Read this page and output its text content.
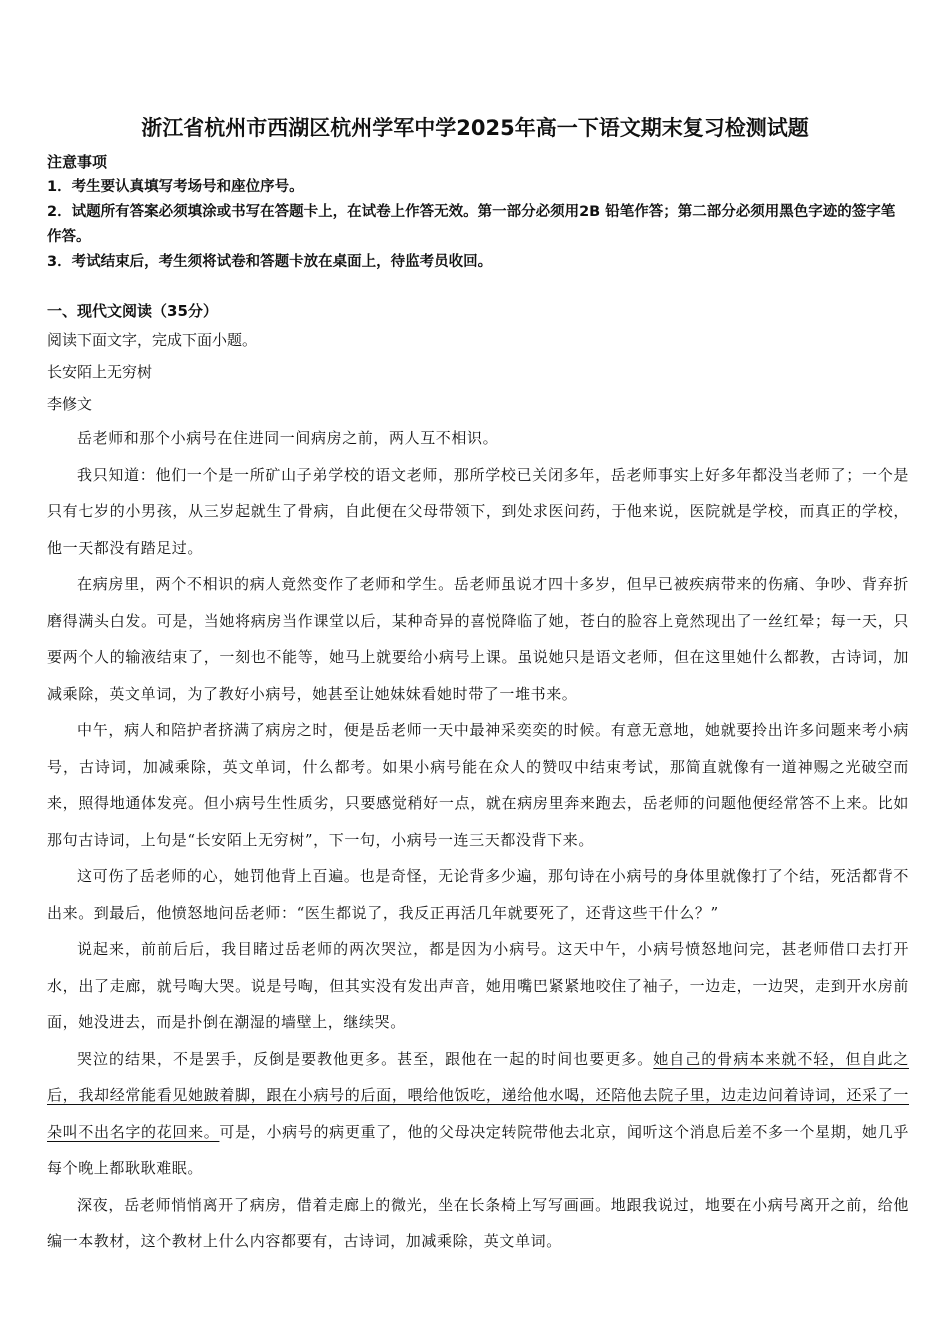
浙江省杭州市西湖区杭州学军中学2025年高一下语文期末复习检测试题
注意事项
1．考生要认真填写考场号和座位序号。
2．试题所有答案必须填涂或书写在答题卡上，在试卷上作答无效。第一部分必须用2B 铅笔作答；第二部分必须用黑色字迹的签字笔作答。
3．考试结束后，考生须将试卷和答题卡放在桌面上，待监考员收回。
一、现代文阅读（35分）
阅读下面文字，完成下面小题。
长安陌上无穷树
李修文

岳老师和那个小病号在住进同一间病房之前，两人互不相识。

我只知道：他们一个是一所矿山子弟学校的语文老师，那所学校已关闭多年，岳老师事实上好多年都没当老师了；一个是只有七岁的小男孩，从三岁起就生了骨病，自此便在父母带领下，到处求医问药，于他来说，医院就是学校，而真正的学校，他一天都没有踏足过。

在病房里，两个不相识的病人竟然变作了老师和学生。岳老师虽说才四十多岁，但早已被疾病带来的伤痛、争吵、背弃折磨得满头白发。可是，当她将病房当作课堂以后，某种奇异的喜悦降临了她，苍白的脸容上竟然现出了一丝红晕；每一天，只要两个人的输液结束了，一刻也不能等，她马上就要给小病号上课。虽说她只是语文老师，但在这里她什么都教，古诗词，加减乘除，英文单词，为了教好小病号，她甚至让她妹妹看她时带了一堆书来。

中午，病人和陪护者挤满了病房之时，便是岳老师一天中最神采奕奕的时候。有意无意地，她就要拎出许多问题来考小病号，古诗词，加减乘除，英文单词，什么都考。如果小病号能在众人的赞叹中结束考试，那简直就像有一道神赐之光破空而来，照得地通体发亮。但小病号生性质劣，只要感觉稍好一点，就在病房里奔来跑去，岳老师的问题他便经常答不上来。比如那句古诗词，上句是“长安陌上无穷树”，下一句，小病号一连三天都没背下来。

这可伤了岳老师的心，她罚他背上百遍。也是奇怪，无论背多少遍，那句诗在小病号的身体里就像打了个结，死活都背不出来。到最后，他愤怒地问岳老师：“医生都说了，我反正再活几年就要死了，还背这些干什么？”

说起来，前前后后，我目睹过岳老师的两次哭泣，都是因为小病号。这天中午，小病号愤怒地问完，甚老师借口去打开水，出了走廊，就号啕大哭。说是号啕，但其实没有发出声音，她用嘴巴紧紧地咬住了袖子，一边走，一边哭，走到开水房前面，她没进去，而是扑倒在潮湿的墙壁上，继续哭。

哭泣的结果，不是罢手，反倒是要教他更多。甚至，跟他在一起的时间也要更多。她自己的骨病本来就不轻，但自此之后，我却经常能看见她跛着脚，跟在小病号的后面，喂给他饭吃，递给他水喝，还陪他去院子里，边走边问着诗词，还采了一朵叫不出名字的花回来。可是，小病号的病更重了，他的父母决定转院带他去北京，闻听这个消息后差不多一个星期，她几乎每个晚上都耿耿难眠。

深夜，岳老师悄悄离开了病房，借着走廊上的微光，坐在长条椅上写写画画。地跟我说过，地要在小病号离开之前，给他编一本教材，这个教材上什么内容都要有，古诗词，加减乘除，英文单词。
